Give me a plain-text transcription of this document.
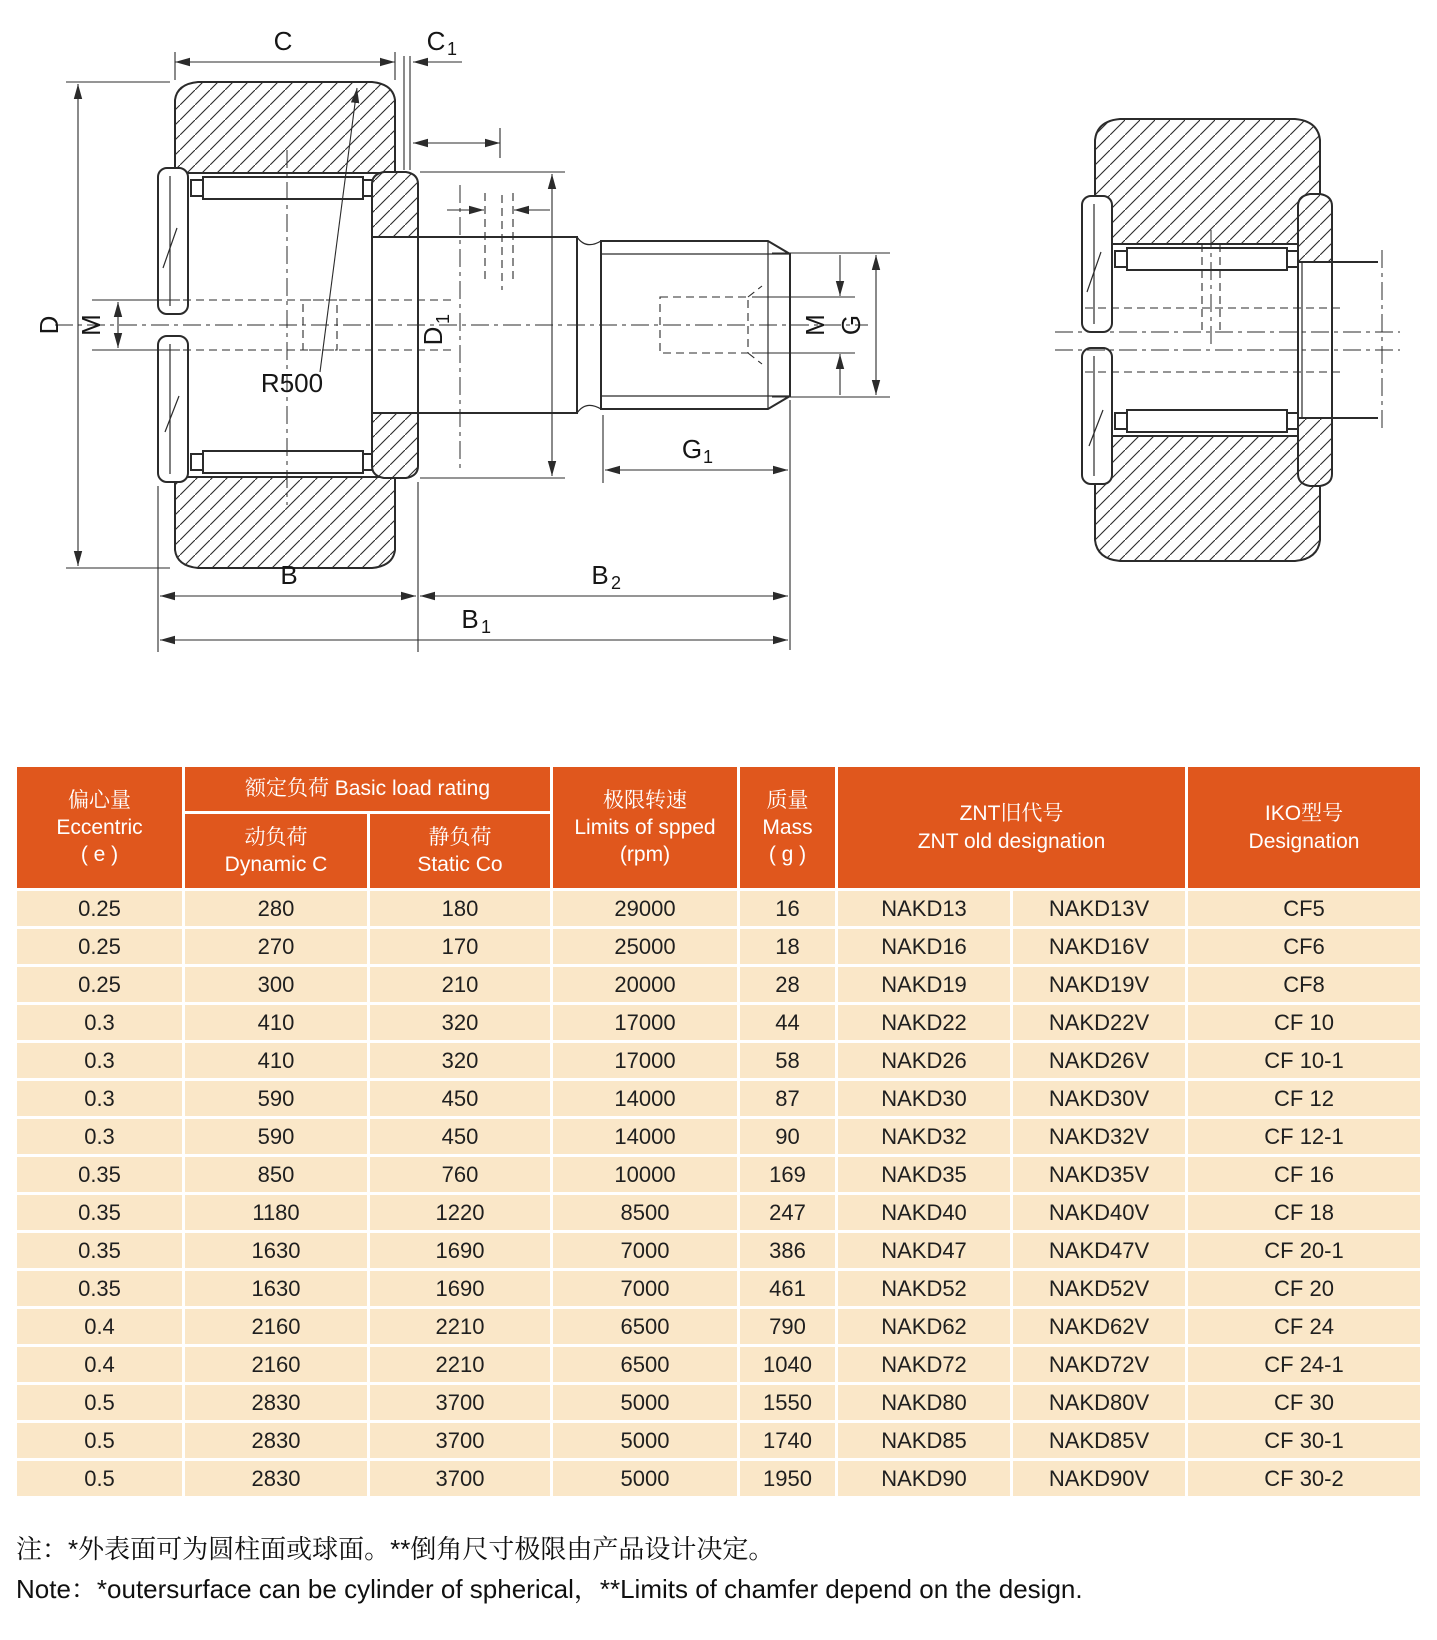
C	C 1
D M
R500
D
1	M G
G 1
B	B 2
B 1
偏心量
Eccentric
( e )

额定负荷 Basic load rating	极限转速
Limits of spped
(rpm)

质量
Mass
( g )

ZNT旧代号
ZNT old designation

IKO型号
Designation

动负荷
Dynamic C

静负荷
Static Co

0.25	280	180	29000	16	NAKD13	NAKD13V	CF5
0.25	270	170	25000	18	NAKD16	NAKD16V	CF6
0.25	300	210	20000	28	NAKD19	NAKD19V	CF8
0.3	410	320	17000	44	NAKD22	NAKD22V	CF 10
0.3	410	320	17000	58	NAKD26	NAKD26V	CF 10-1
0.3	590	450	14000	87	NAKD30	NAKD30V	CF 12
0.3	590	450	14000	90	NAKD32	NAKD32V	CF 12-1
0.35	850	760	10000	169	NAKD35	NAKD35V	CF 16
0.35	1180	1220	8500	247	NAKD40	NAKD40V	CF 18
0.35	1630	1690	7000	386	NAKD47	NAKD47V	CF 20-1
0.35	1630	1690	7000	461	NAKD52	NAKD52V	CF 20
0.4	2160	2210	6500	790	NAKD62	NAKD62V	CF 24
0.4	2160	2210	6500	1040	NAKD72	NAKD72V	CF 24-1
0.5	2830	3700	5000	1550	NAKD80	NAKD80V	CF 30
0.5	2830	3700	5000	1740	NAKD85	NAKD85V	CF 30-1
0.5	2830	3700	5000	1950	NAKD90	NAKD90V	CF 30-2
注：*外表面可为圆柱面或球面。**倒角尺寸极限由产品设计决定。
Note：*outersurface can be cylinder of spherical，**Limits of chamfer depend on the design.
